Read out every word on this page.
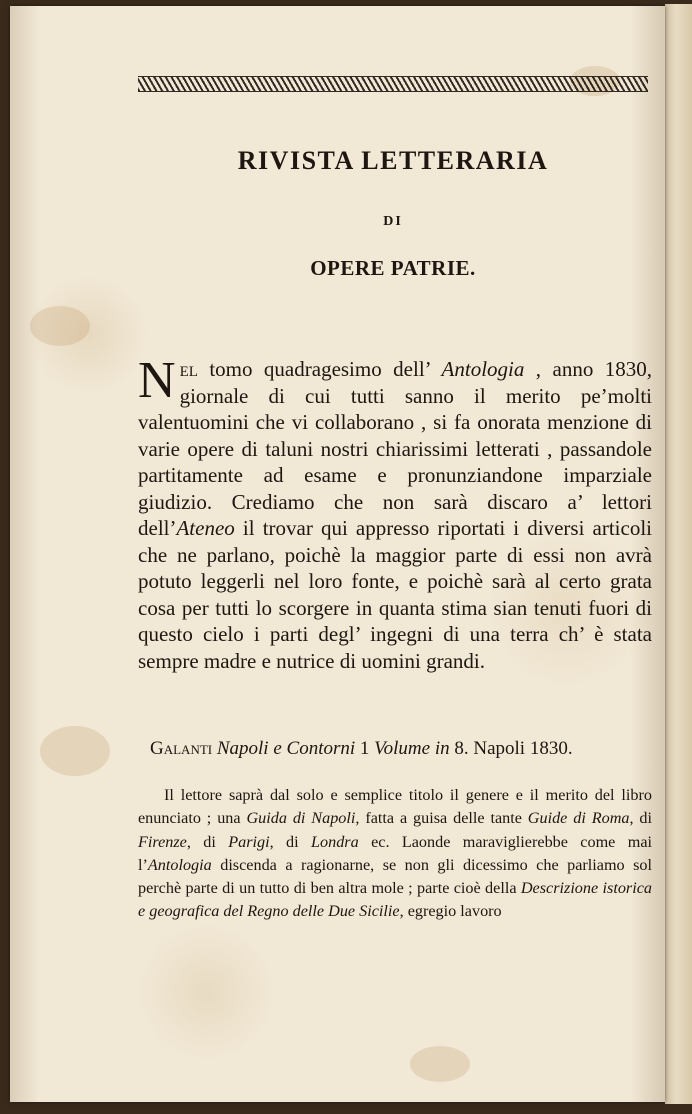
RIVISTA LETTERARIA
DI
OPERE PATRIE.

Nel tomo quadragesimo dell’ Antologia , anno 1830, giornale di cui tutti sanno il merito pe’molti valentuomini che vi collaborano , si fa onorata menzione di varie opere di taluni nostri chiarissimi letterati , passandole partitamente ad esame e pronunziandone imparziale giudizio. Crediamo che non sarà discaro a’ lettori dell’Ateneo il trovar qui appresso riportati i diversi articoli che ne parlano, poichè la maggior parte di essi non avrà potuto leggerli nel loro fonte, e poichè sarà al certo grata cosa per tutti lo scorgere in quanta stima sian tenuti fuori di questo cielo i parti degl’ ingegni di una terra ch’ è stata sempre madre e nutrice di uomini grandi.

Galanti Napoli e Contorni 1 Volume in 8. Napoli 1830.

Il lettore saprà dal solo e semplice titolo il genere e il merito del libro enunciato ; una Guida di Napoli, fatta a guisa delle tante Guide di Roma, di Firenze, di Parigi, di Londra ec. Laonde maraviglierebbe come mai l’Antologia discenda a ragionarne, se non gli dicessimo che parliamo sol perchè parte di un tutto di ben altra mole ; parte cioè della Descrizione istorica e geografica del Regno delle Due Sicilie, egregio lavoro
